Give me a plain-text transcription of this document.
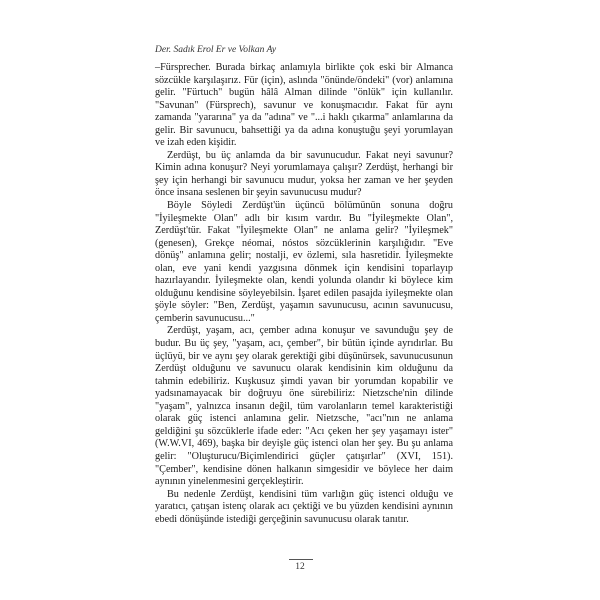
Der. Sadık Erol Er ve Volkan Ay

–Fürsprecher. Burada birkaç anlamıyla birlikte çok eski bir Almanca sözcükle karşılaşırız. Für (için), aslında "önünde/öndeki" (vor) anlamına gelir. "Fürtuch" bugün hâlâ Alman dilinde "önlük" için kullanılır. "Savunan" (Fürsprech), savunur ve konuşmacıdır. Fakat für aynı zamanda "yararına" ya da "adına" ve "...i haklı çıkarma" anlamlarına da gelir. Bir savunucu, bahsettiği ya da adına konuştuğu şeyi yorumlayan ve izah eden kişidir.

Zerdüşt, bu üç anlamda da bir savunucudur. Fakat neyi savunur? Kimin adına konuşur? Neyi yorumlamaya çalışır? Zerdüşt, herhangi bir şey için herhangi bir savunucu mudur, yoksa her zaman ve her şeyden önce insana seslenen bir şeyin savunucusu mudur?

Böyle Söyledi Zerdüşt'ün üçüncü bölümünün sonuna doğru "İyileşmekte Olan" adlı bir kısım vardır. Bu "İyileşmekte Olan", Zerdüşt'tür. Fakat "İyileşmekte Olan" ne anlama gelir? "İyileşmek" (genesen), Grekçe néomai, nóstos sözcüklerinin karşılığıdır. "Eve dönüş" anlamına gelir; nostalji, ev özlemi, sıla hasretidir. İyileşmekte olan, eve yani kendi yazgısına dönmek için kendisini toparlayıp hazırlayandır. İyileşmekte olan, kendi yolunda olandır ki böylece kim olduğunu kendisine söyleyebilsin. İşaret edilen pasajda iyileşmekte olan şöyle söyler: "Ben, Zerdüşt, yaşamın savunucusu, acının savunucusu, çemberin savunucusu..."

Zerdüşt, yaşam, acı, çember adına konuşur ve savunduğu şey de budur. Bu üç şey, "yaşam, acı, çember", bir bütün içinde ayrıdırlar. Bu üçlüyü, bir ve aynı şey olarak gerektiği gibi düşünürsek, savunucusunun Zerdüşt olduğunu ve savunucu olarak kendisinin kim olduğunu da tahmin edebiliriz. Kuşkusuz şimdi yavan bir yorumdan kopabilir ve yadsınamayacak bir doğruyu öne sürebiliriz: Nietzsche'nin dilinde "yaşam", yalnızca insanın değil, tüm varolanların temel karakteristiği olarak güç istenci anlamına gelir. Nietzsche, "acı"nın ne anlama geldiğini şu sözcüklerle ifade eder: "Acı çeken her şey yaşamayı ister" (W.W.VI, 469), başka bir deyişle güç istenci olan her şey. Bu şu anlama gelir: "Oluşturucu/Biçimlendirici güçler çatışırlar" (XVI, 151). "Çember", kendisine dönen halkanın simgesidir ve böylece her daim aynının yinelenmesini gerçekleştirir.

Bu nedenle Zerdüşt, kendisini tüm varlığın güç istenci olduğu ve yaratıcı, çatışan istenç olarak acı çektiği ve bu yüzden kendisini aynının ebedi dönüşünde istediği gerçeğinin savunucusu olarak tanıtır.

12
